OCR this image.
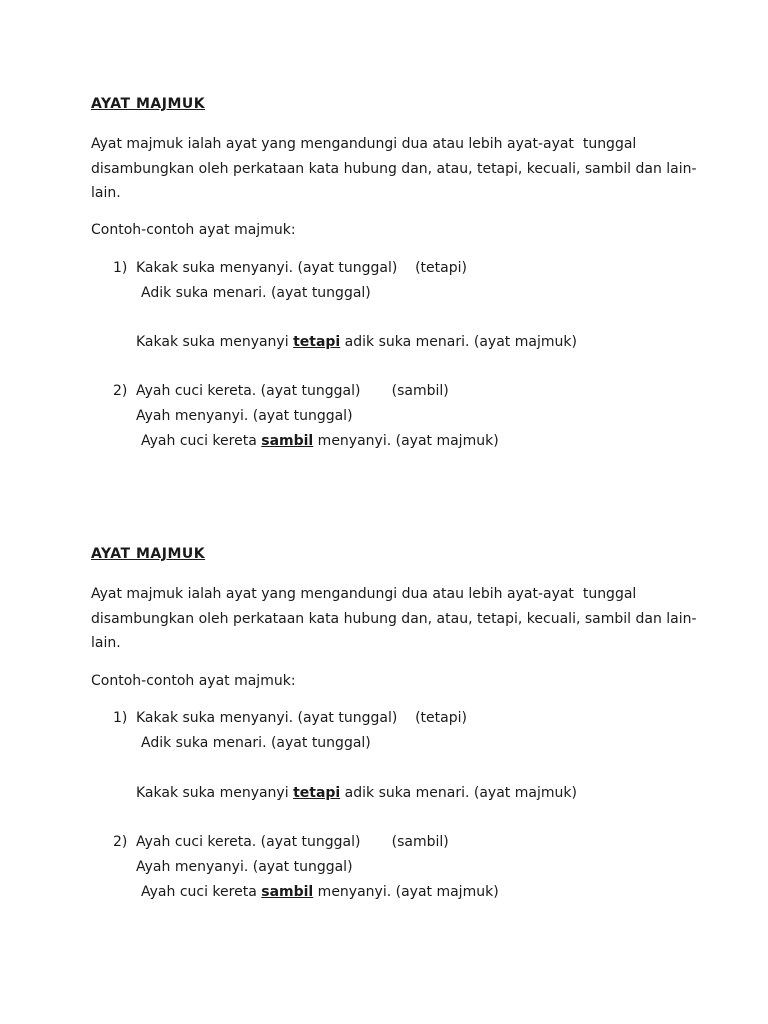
AYAT MAJMUK
Ayat majmuk ialah ayat yang mengandungi dua atau lebih ayat-ayat  tunggal
disambungkan oleh perkataan kata hubung dan, atau, tetapi, kecuali, sambil dan lain-
lain.
Contoh-contoh ayat majmuk:
1) Kakak suka menyanyi. (ayat tunggal)    (tetapi)
Adik suka menari. (ayat tunggal)
Kakak suka menyanyi tetapi adik suka menari. (ayat majmuk)
2) Ayah cuci kereta. (ayat tunggal)       (sambil)
Ayah menyanyi. (ayat tunggal)
Ayah cuci kereta sambil menyanyi. (ayat majmuk)
AYAT MAJMUK
Ayat majmuk ialah ayat yang mengandungi dua atau lebih ayat-ayat  tunggal
disambungkan oleh perkataan kata hubung dan, atau, tetapi, kecuali, sambil dan lain-
lain.
Contoh-contoh ayat majmuk:
1) Kakak suka menyanyi. (ayat tunggal)    (tetapi)
Adik suka menari. (ayat tunggal)
Kakak suka menyanyi tetapi adik suka menari. (ayat majmuk)
2) Ayah cuci kereta. (ayat tunggal)       (sambil)
Ayah menyanyi. (ayat tunggal)
Ayah cuci kereta sambil menyanyi. (ayat majmuk)
